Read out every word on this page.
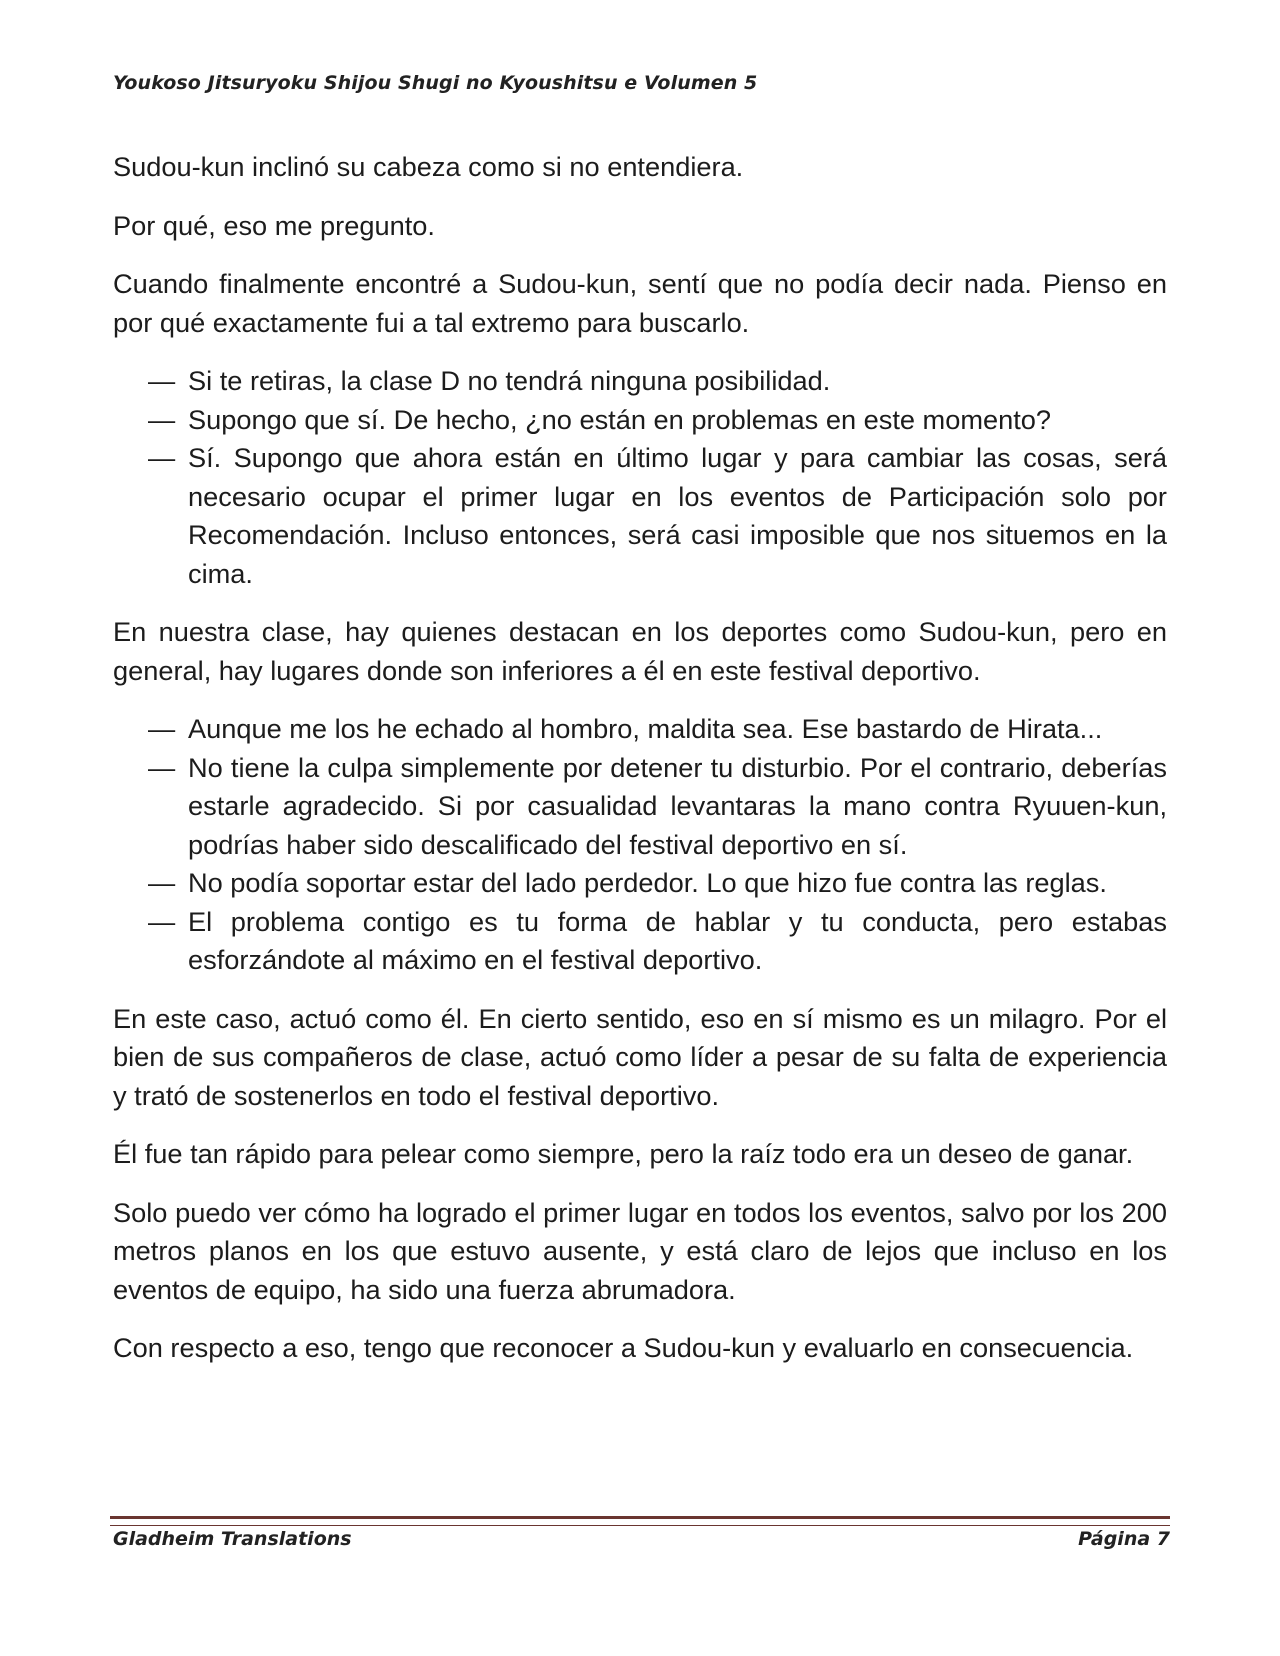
Youkoso Jitsuryoku Shijou Shugi no Kyoushitsu e Volumen 5

Sudou-kun inclinó su cabeza como si no entendiera.

Por qué, eso me pregunto.

Cuando finalmente encontré a Sudou-kun, sentí que no podía decir nada. Pienso en por qué exactamente fui a tal extremo para buscarlo.

— Si te retiras, la clase D no tendrá ninguna posibilidad.

— Supongo que sí. De hecho, ¿no están en problemas en este momento?

— Sí. Supongo que ahora están en último lugar y para cambiar las cosas, será necesario ocupar el primer lugar en los eventos de Participación solo por Recomendación. Incluso entonces, será casi imposible que nos situemos en la cima.

En nuestra clase, hay quienes destacan en los deportes como Sudou-kun, pero en general, hay lugares donde son inferiores a él en este festival deportivo.

— Aunque me los he echado al hombro, maldita sea. Ese bastardo de Hirata...

— No tiene la culpa simplemente por detener tu disturbio. Por el contrario, deberías estarle agradecido. Si por casualidad levantaras la mano contra Ryuuen-kun, podrías haber sido descalificado del festival deportivo en sí.

— No podía soportar estar del lado perdedor. Lo que hizo fue contra las reglas.

— El problema contigo es tu forma de hablar y tu conducta, pero estabas esforzándote al máximo en el festival deportivo.

En este caso, actuó como él. En cierto sentido, eso en sí mismo es un milagro. Por el bien de sus compañeros de clase, actuó como líder a pesar de su falta de experiencia y trató de sostenerlos en todo el festival deportivo.

Él fue tan rápido para pelear como siempre, pero la raíz todo era un deseo de ganar.

Solo puedo ver cómo ha logrado el primer lugar en todos los eventos, salvo por los 200 metros planos en los que estuvo ausente, y está claro de lejos que incluso en los eventos de equipo, ha sido una fuerza abrumadora.

Con respecto a eso, tengo que reconocer a Sudou-kun y evaluarlo en consecuencia.

Gladheim Translations	Página 7
